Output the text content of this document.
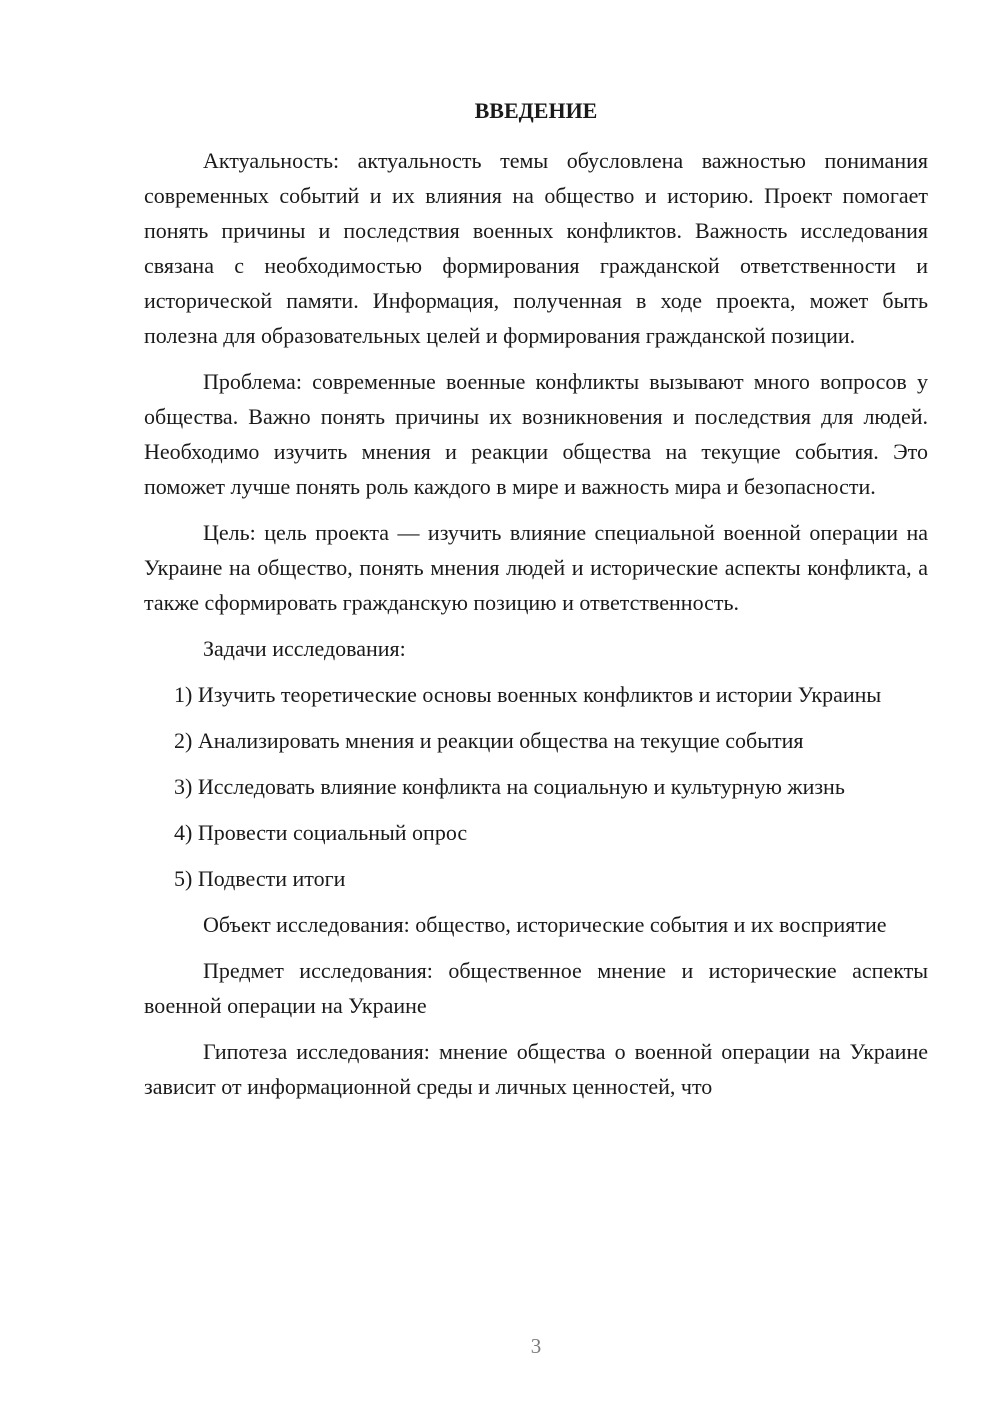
ВВЕДЕНИЕ

Актуальность: актуальность темы обусловлена важностью понимания современных событий и их влияния на общество и историю. Проект помогает понять причины и последствия военных конфликтов. Важность исследования связана с необходимостью формирования гражданской ответственности и исторической памяти. Информация, полученная в ходе проекта, может быть полезна для образовательных целей и формирования гражданской позиции.

Проблема: современные военные конфликты вызывают много вопросов у общества. Важно понять причины их возникновения и последствия для людей. Необходимо изучить мнения и реакции общества на текущие события. Это поможет лучше понять роль каждого в мире и важность мира и безопасности.

Цель: цель проекта — изучить влияние специальной военной операции на Украине на общество, понять мнения людей и исторические аспекты конфликта, а также сформировать гражданскую позицию и ответственность.

Задачи исследования:

1) Изучить теоретические основы военных конфликтов и истории Украины

2) Анализировать мнения и реакции общества на текущие события

3) Исследовать влияние конфликта на социальную и культурную жизнь

4) Провести социальный опрос

5) Подвести итоги

Объект исследования: общество, исторические события и их восприятие

Предмет исследования: общественное мнение и исторические аспекты военной операции на Украине

Гипотеза исследования: мнение общества о военной операции на Украине зависит от информационной среды и личных ценностей, что

3
